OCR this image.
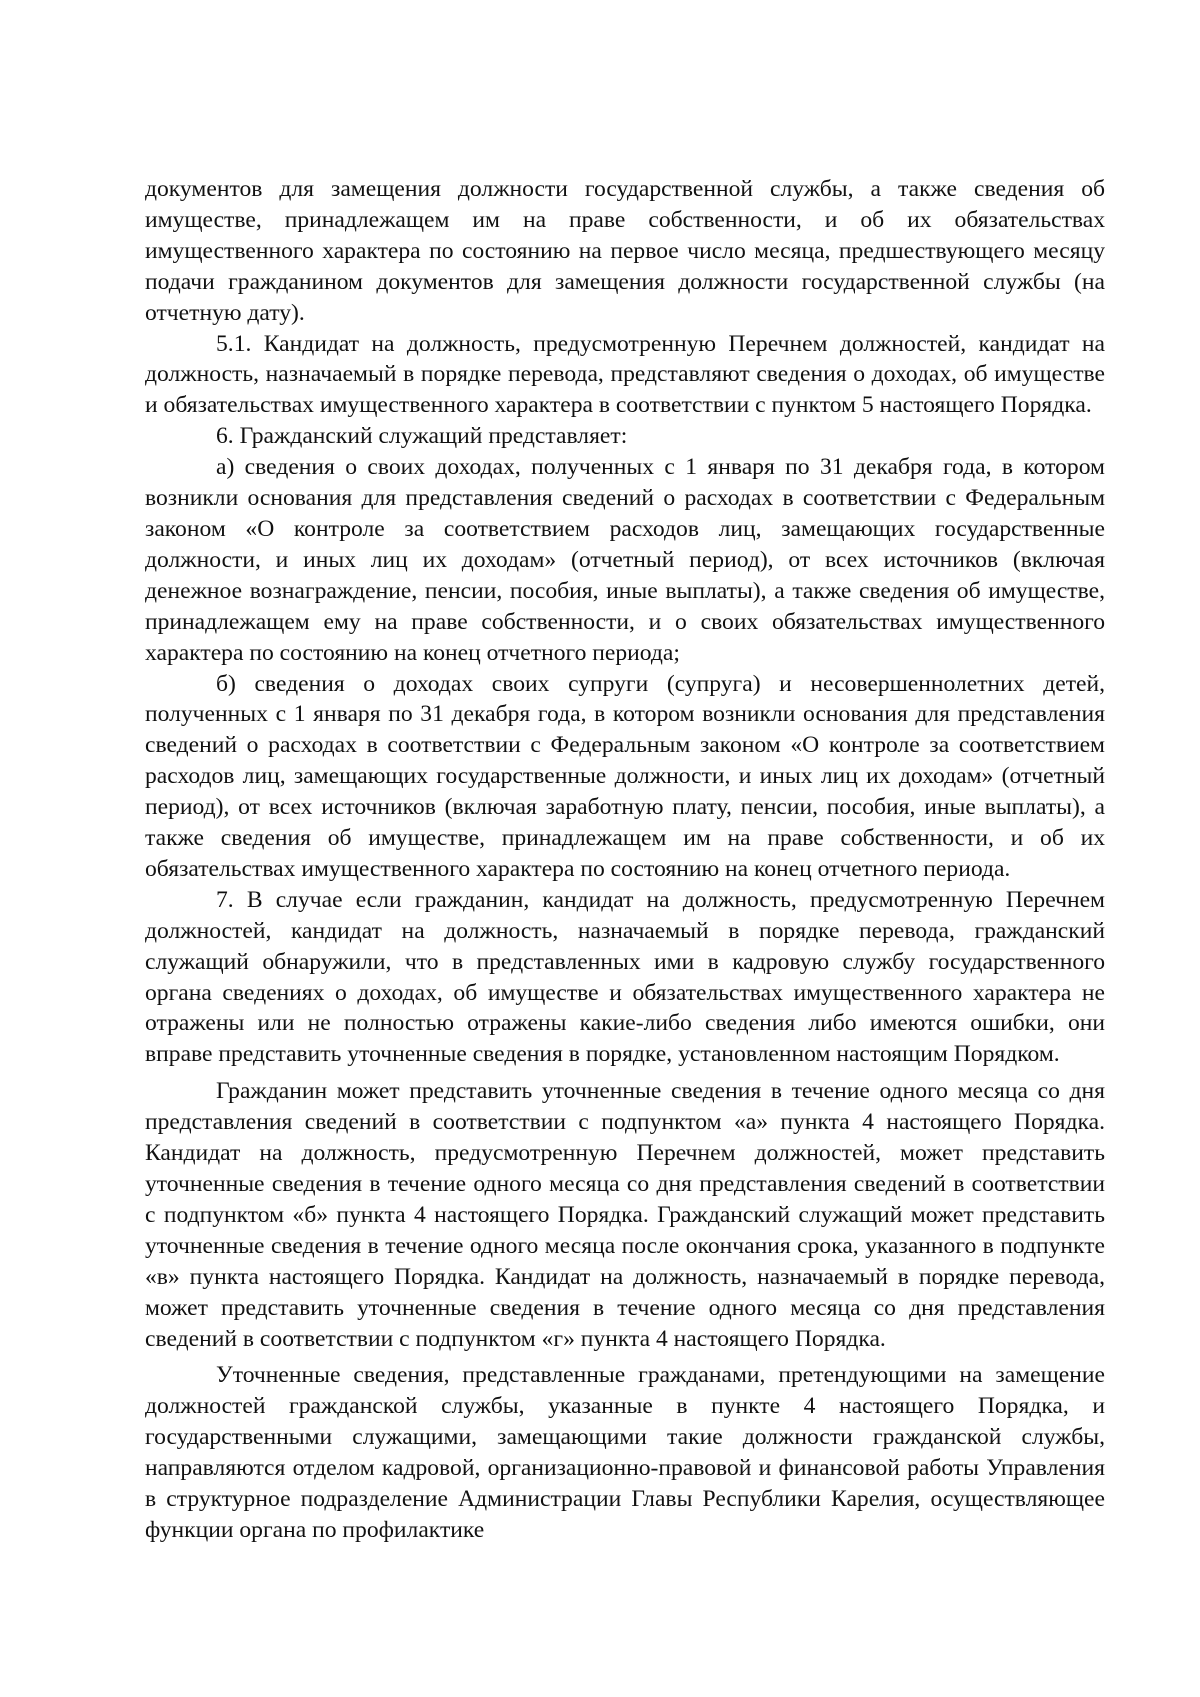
документов для замещения должности государственной службы, а также сведения об имуществе, принадлежащем им на праве собственности, и об их обязательствах имущественного характера по состоянию на первое число месяца, предшествующего месяцу подачи гражданином документов для замещения должности государственной службы (на отчетную дату).

5.1. Кандидат на должность, предусмотренную Перечнем должностей, кандидат на должность, назначаемый в порядке перевода, представляют сведения о доходах, об имуществе и обязательствах имущественного характера в соответствии с пунктом 5 настоящего Порядка.

6. Гражданский служащий представляет:

а) сведения о своих доходах, полученных с 1 января по 31 декабря года, в котором возникли основания для представления сведений о расходах в соответствии с Федеральным законом «О контроле за соответствием расходов лиц, замещающих государственные должности, и иных лиц их доходам» (отчетный период), от всех источников (включая денежное вознаграждение, пенсии, пособия, иные выплаты), а также сведения об имуществе, принадлежащем ему на праве собственности, и о своих обязательствах имущественного характера по состоянию на конец отчетного периода;

б) сведения о доходах своих супруги (супруга) и несовершеннолетних детей, полученных с 1 января по 31 декабря года, в котором возникли основания для представления сведений о расходах в соответствии с Федеральным законом «О контроле за соответствием расходов лиц, замещающих государственные должности, и иных лиц их доходам» (отчетный период), от всех источников (включая заработную плату, пенсии, пособия, иные выплаты), а также сведения об имуществе, принадлежащем им на праве собственности, и об их обязательствах имущественного характера по состоянию на конец отчетного периода.

7. В случае если гражданин, кандидат на должность, предусмотренную Перечнем должностей, кандидат на должность, назначаемый в порядке перевода, гражданский служащий обнаружили, что в представленных ими в кадровую службу государственного органа сведениях о доходах, об имуществе и обязательствах имущественного характера не отражены или не полностью отражены какие-либо сведения либо имеются ошибки, они вправе представить уточненные сведения в порядке, установленном настоящим Порядком.

Гражданин может представить уточненные сведения в течение одного месяца со дня представления сведений в соответствии с подпунктом «а» пункта 4 настоящего Порядка. Кандидат на должность, предусмотренную Перечнем должностей, может представить уточненные сведения в течение одного месяца со дня представления сведений в соответствии с подпунктом «б» пункта 4 настоящего Порядка. Гражданский служащий может представить уточненные сведения в течение одного месяца после окончания срока, указанного в подпункте «в» пункта настоящего Порядка. Кандидат на должность, назначаемый в порядке перевода, может представить уточненные сведения в течение одного месяца со дня представления сведений в соответствии с подпунктом «г» пункта 4 настоящего Порядка.

Уточненные сведения, представленные гражданами, претендующими на замещение должностей гражданской службы, указанные в пункте 4 настоящего Порядка, и государственными служащими, замещающими такие должности гражданской службы, направляются отделом кадровой, организационно-правовой и финансовой работы Управления в структурное подразделение Администрации Главы Республики Карелия, осуществляющее функции органа по профилактике
